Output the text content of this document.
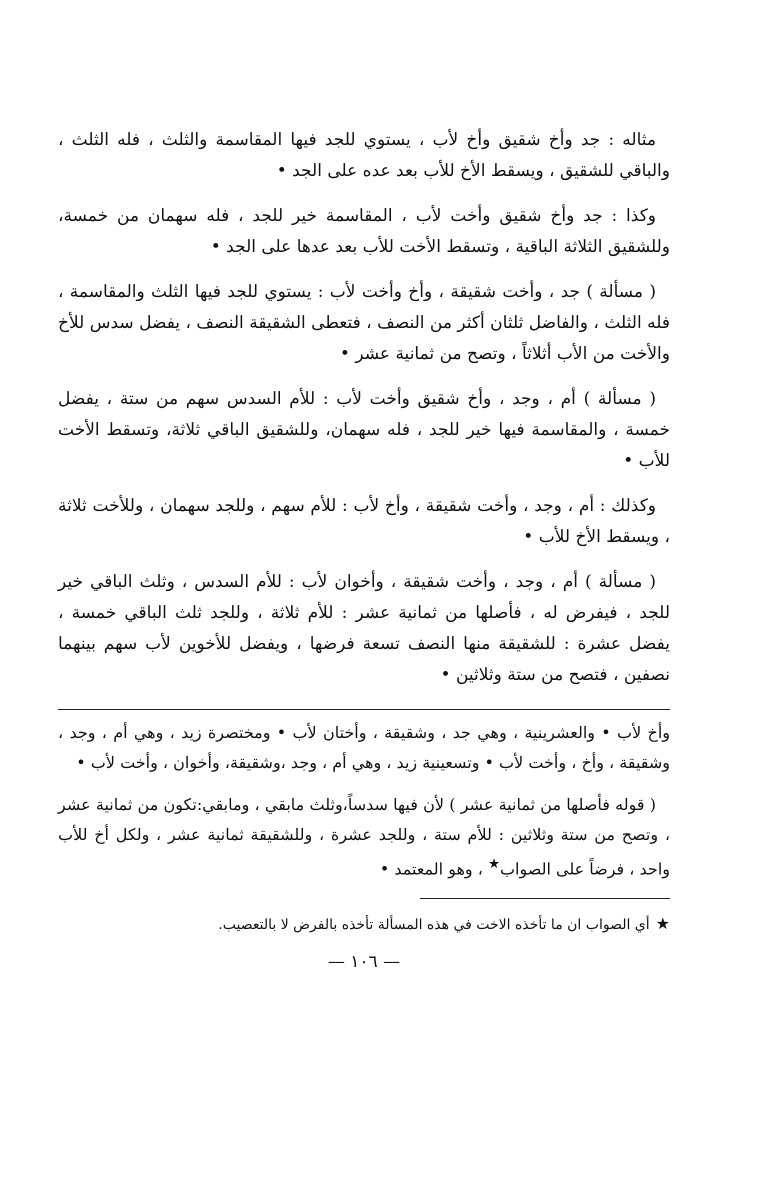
مثاله : جد وأخ شقيق وأخ لأب ، يستوي للجد فيها المقاسمة والثلث ، فله الثلث ، والباقي للشقيق ، ويسقط الأخ للأب بعد عده على الجد •

وكذا : جد وأخ شقيق وأخت لأب ، المقاسمة خير للجد ، فله سهمان من خمسة، وللشقيق الثلاثة الباقية ، وتسقط الأخت للأب بعد عدها على الجد •

( مسألة ) جد ، وأخت شقيقة ، وأخ وأخت لأب : يستوي للجد فيها الثلث والمقاسمة ، فله الثلث ، والفاضل ثلثان أكثر من النصف ، فتعطى الشقيقة النصف ، يفضل سدس للأخ والأخت من الأب أثلاثاً ، وتصح من ثمانية عشر •

( مسألة ) أم ، وجد ، وأخ شقيق وأخت لأب : للأم السدس سهم من ستة ، يفضل خمسة ، والمقاسمة فيها خير للجد ، فله سهمان، وللشقيق الباقي ثلاثة، وتسقط الأخت للأب •

وكذلك : أم ، وجد ، وأخت شقيقة ، وأخ لأب : للأم سهم ، وللجد سهمان ، وللأخت ثلاثة ، ويسقط الأخ للأب •

( مسألة ) أم ، وجد ، وأخت شقيقة ، وأخوان لأب : للأم السدس ، وثلث الباقي خير للجد ، فيفرض له ، فأصلها من ثمانية عشر : للأم ثلاثة ، وللجد ثلث الباقي خمسة ، يفضل عشرة : للشقيقة منها النصف تسعة فرضها ، ويفضل للأخوين لأب سهم بينهما نصفين ، فتصح من ستة وثلاثين •

وأخ لأب • والعشرينية ، وهي جد ، وشقيقة ، وأختان لأب • ومختصرة زيد ، وهي أم ، وجد ، وشقيقة ، وأخ ، وأخت لأب • وتسعينية زيد ، وهي أم ، وجد ،وشقيقة، وأخوان ، وأخت لأب •

( قوله فأصلها من ثمانية عشر ) لأن فيها سدساً،وثلث مابقي ، ومابقي:تكون من ثمانية عشر ، وتصح من ستة وثلاثين : للأم ستة ، وللجد عشرة ، وللشقيقة ثمانية عشر ، ولكل أخ للأب واحد ، فرضاً على الصواب★ ، وهو المعتمد •

★أي الصواب ان ما تأخذه الاخت في هذه المسألة تأخذه بالفرض لا بالتعصيب.

— ١٠٦ —
